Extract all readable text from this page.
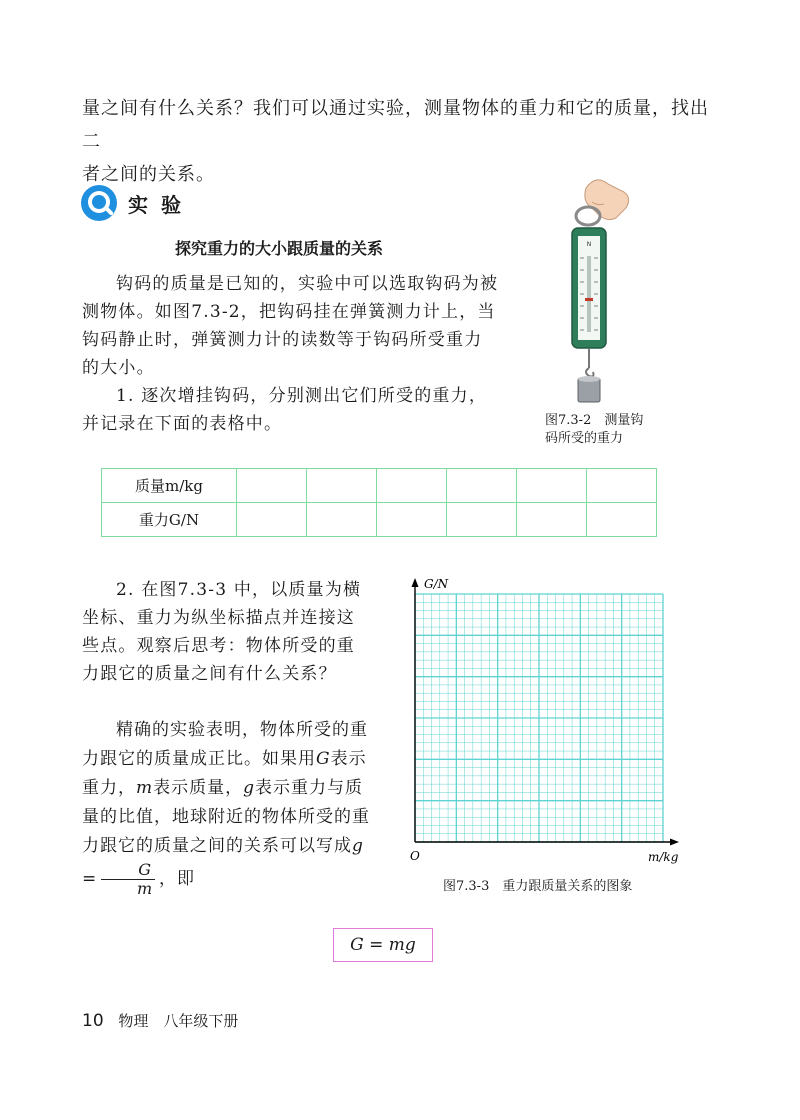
量之间有什么关系？我们可以通过实验，测量物体的重力和它的质量，找出二
者之间的关系。
实 验
探究重力的大小跟质量的关系
钩码的质量是已知的，实验中可以选取钩码为被测物体。如图7.3-2，把钩码挂在弹簧测力计上，当钩码静止时，弹簧测力计的读数等于钩码所受重力的大小。
1. 逐次增挂钩码，分别测出它们所受的重力，并记录在下面的表格中。
N
图7.3-2　测量钩码所受的重力
质量m/kg						
重力G/N						
2. 在图7.3-3 中，以质量为横坐标、重力为纵坐标描点并连接这些点。观察后思考：物体所受的重力跟它的质量之间有什么关系？
精确的实验表明，物体所受的重力跟它的质量成正比。如果用G表示重力，m表示质量，g表示重力与质量的比值，地球附近的物体所受的重力跟它的质量之间的关系可以写成$g = \frac{G}{m}$ ，即
G = mg
G/N
O	m/kg
图7.3-3　重力跟质量关系的图象
10 物理　八年级下册
